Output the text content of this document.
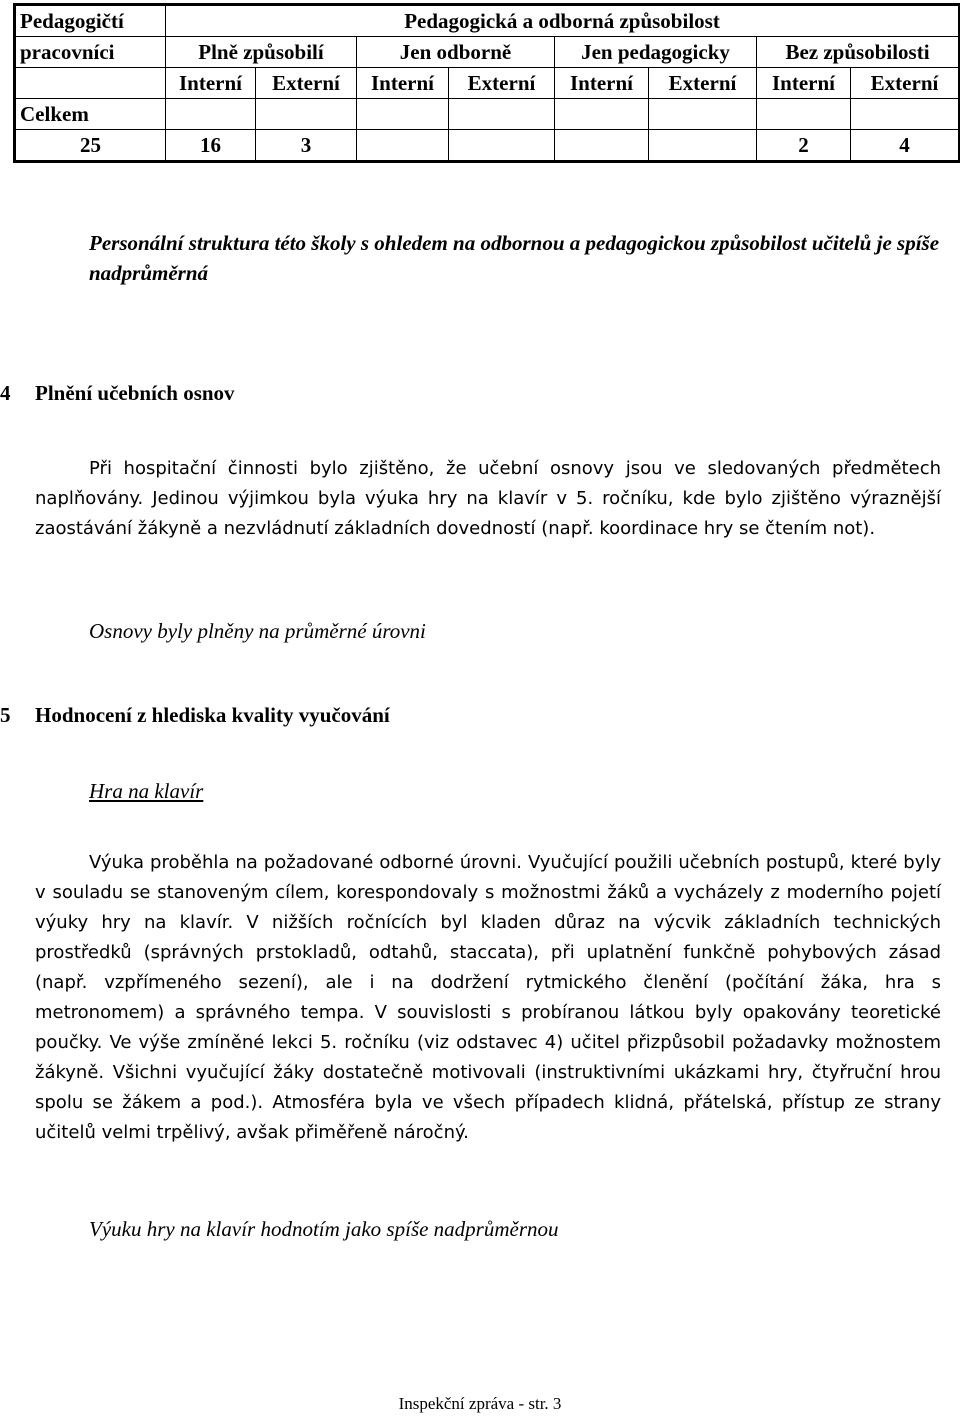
Pedagogičtí	Pedagogická a odborná způsobilost							
pracovníci	Plně způsobilí		Jen odborně		Jen pedagogicky		Bez způsobilosti	
	Interní	Externí	Interní	Externí	Interní	Externí	Interní	Externí
Celkem								
25	16	3					2	4
Personální struktura této školy s ohledem na odbornou a pedagogickou způsobilost učitelů je spíše nadprůměrná
4 Plnění učebních osnov

Při hospitační činnosti bylo zjištěno, že učební osnovy jsou ve sledovaných předmětech naplňovány. Jedinou výjimkou byla výuka hry na klavír v 5. ročníku, kde bylo zjištěno výraznější zaostávání žákyně a nezvládnutí základních dovedností (např. koordinace hry se čtením not).

Osnovy byly plněny na průměrné úrovni
5 Hodnocení z hlediska kvality vyučování
Hra na klavír

Výuka proběhla na požadované odborné úrovni. Vyučující použili učebních postupů, které byly v souladu se stanoveným cílem, korespondovaly s možnostmi žáků a vycházely z moderního pojetí výuky hry na klavír. V nižších ročnících byl kladen důraz na výcvik základních technických prostředků (správných prstokladů, odtahů, staccata), při uplatnění funkčně pohybových zásad (např. vzpřímeného sezení), ale i na dodržení rytmického členění (počítání žáka, hra s metronomem) a správného tempa. V souvislosti s probíranou látkou byly opakovány teoretické poučky. Ve výše zmíněné lekci 5. ročníku (viz odstavec 4) učitel přizpůsobil požadavky možnostem žákyně. Všichni vyučující žáky dostatečně motivovali (instruktivními ukázkami hry, čtyřruční hrou spolu se žákem a pod.). Atmosféra byla ve všech případech klidná, přátelská, přístup ze strany učitelů velmi trpělivý, avšak přiměřeně náročný.

Výuku hry na klavír hodnotím jako spíše nadprůměrnou
Inspekční zpráva - str. 3
